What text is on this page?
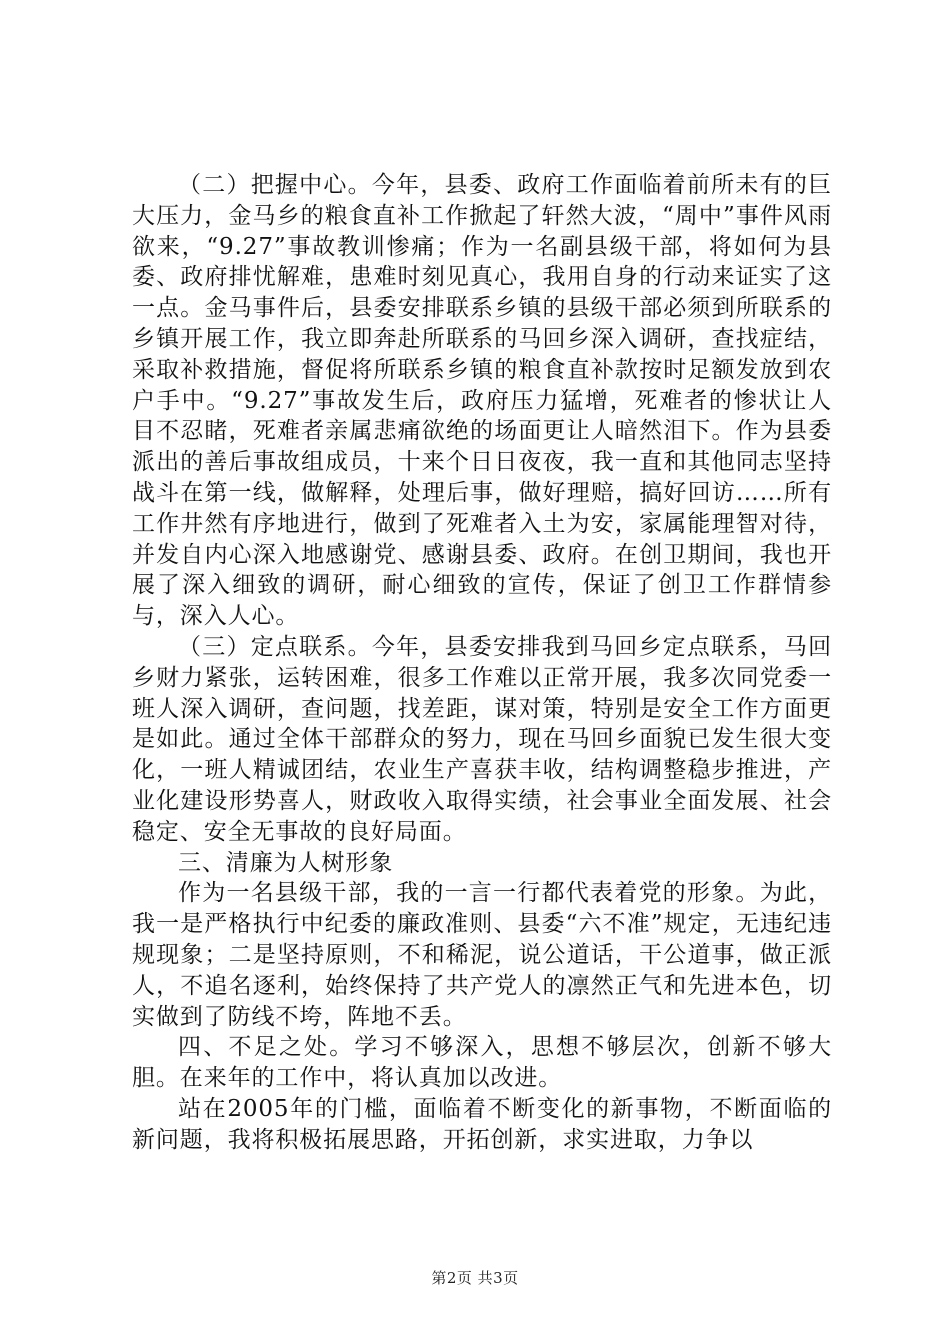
（二）把握中心。今年，县委、政府工作面临着前所未有的巨大压力，金马乡的粮食直补工作掀起了轩然大波，“周中”事件风雨欲来，“9.27”事故教训惨痛；作为一名副县级干部，将如何为县委、政府排忧解难，患难时刻见真心，我用自身的行动来证实了这一点。金马事件后，县委安排联系乡镇的县级干部必须到所联系的乡镇开展工作，我立即奔赴所联系的马回乡深入调研，查找症结，采取补救措施，督促将所联系乡镇的粮食直补款按时足额发放到农户手中。“9.27”事故发生后，政府压力猛增，死难者的惨状让人目不忍睹，死难者亲属悲痛欲绝的场面更让人暗然泪下。作为县委派出的善后事故组成员，十来个日日夜夜，我一直和其他同志坚持战斗在第一线，做解释，处理后事，做好理赔，搞好回访……所有工作井然有序地进行，做到了死难者入土为安，家属能理智对待，并发自内心深入地感谢党、感谢县委、政府。在创卫期间，我也开展了深入细致的调研，耐心细致的宣传，保证了创卫工作群情参与，深入人心。

（三）定点联系。今年，县委安排我到马回乡定点联系，马回乡财力紧张，运转困难，很多工作难以正常开展，我多次同党委一班人深入调研，查问题，找差距，谋对策，特别是安全工作方面更是如此。通过全体干部群众的努力，现在马回乡面貌已发生很大变化，一班人精诚团结，农业生产喜获丰收，结构调整稳步推进，产业化建设形势喜人，财政收入取得实绩，社会事业全面发展、社会稳定、安全无事故的良好局面。

三、清廉为人树形象

作为一名县级干部，我的一言一行都代表着党的形象。为此，我一是严格执行中纪委的廉政准则、县委“六不准”规定，无违纪违规现象；二是坚持原则，不和稀泥，说公道话，干公道事，做正派人，不追名逐利，始终保持了共产党人的凛然正气和先进本色，切实做到了防线不垮，阵地不丢。

四、不足之处。学习不够深入，思想不够层次，创新不够大胆。在来年的工作中，将认真加以改进。

站在2005年的门槛，面临着不断变化的新事物，不断面临的新问题，我将积极拓展思路，开拓创新，求实进取，力争以

第2页 共3页
